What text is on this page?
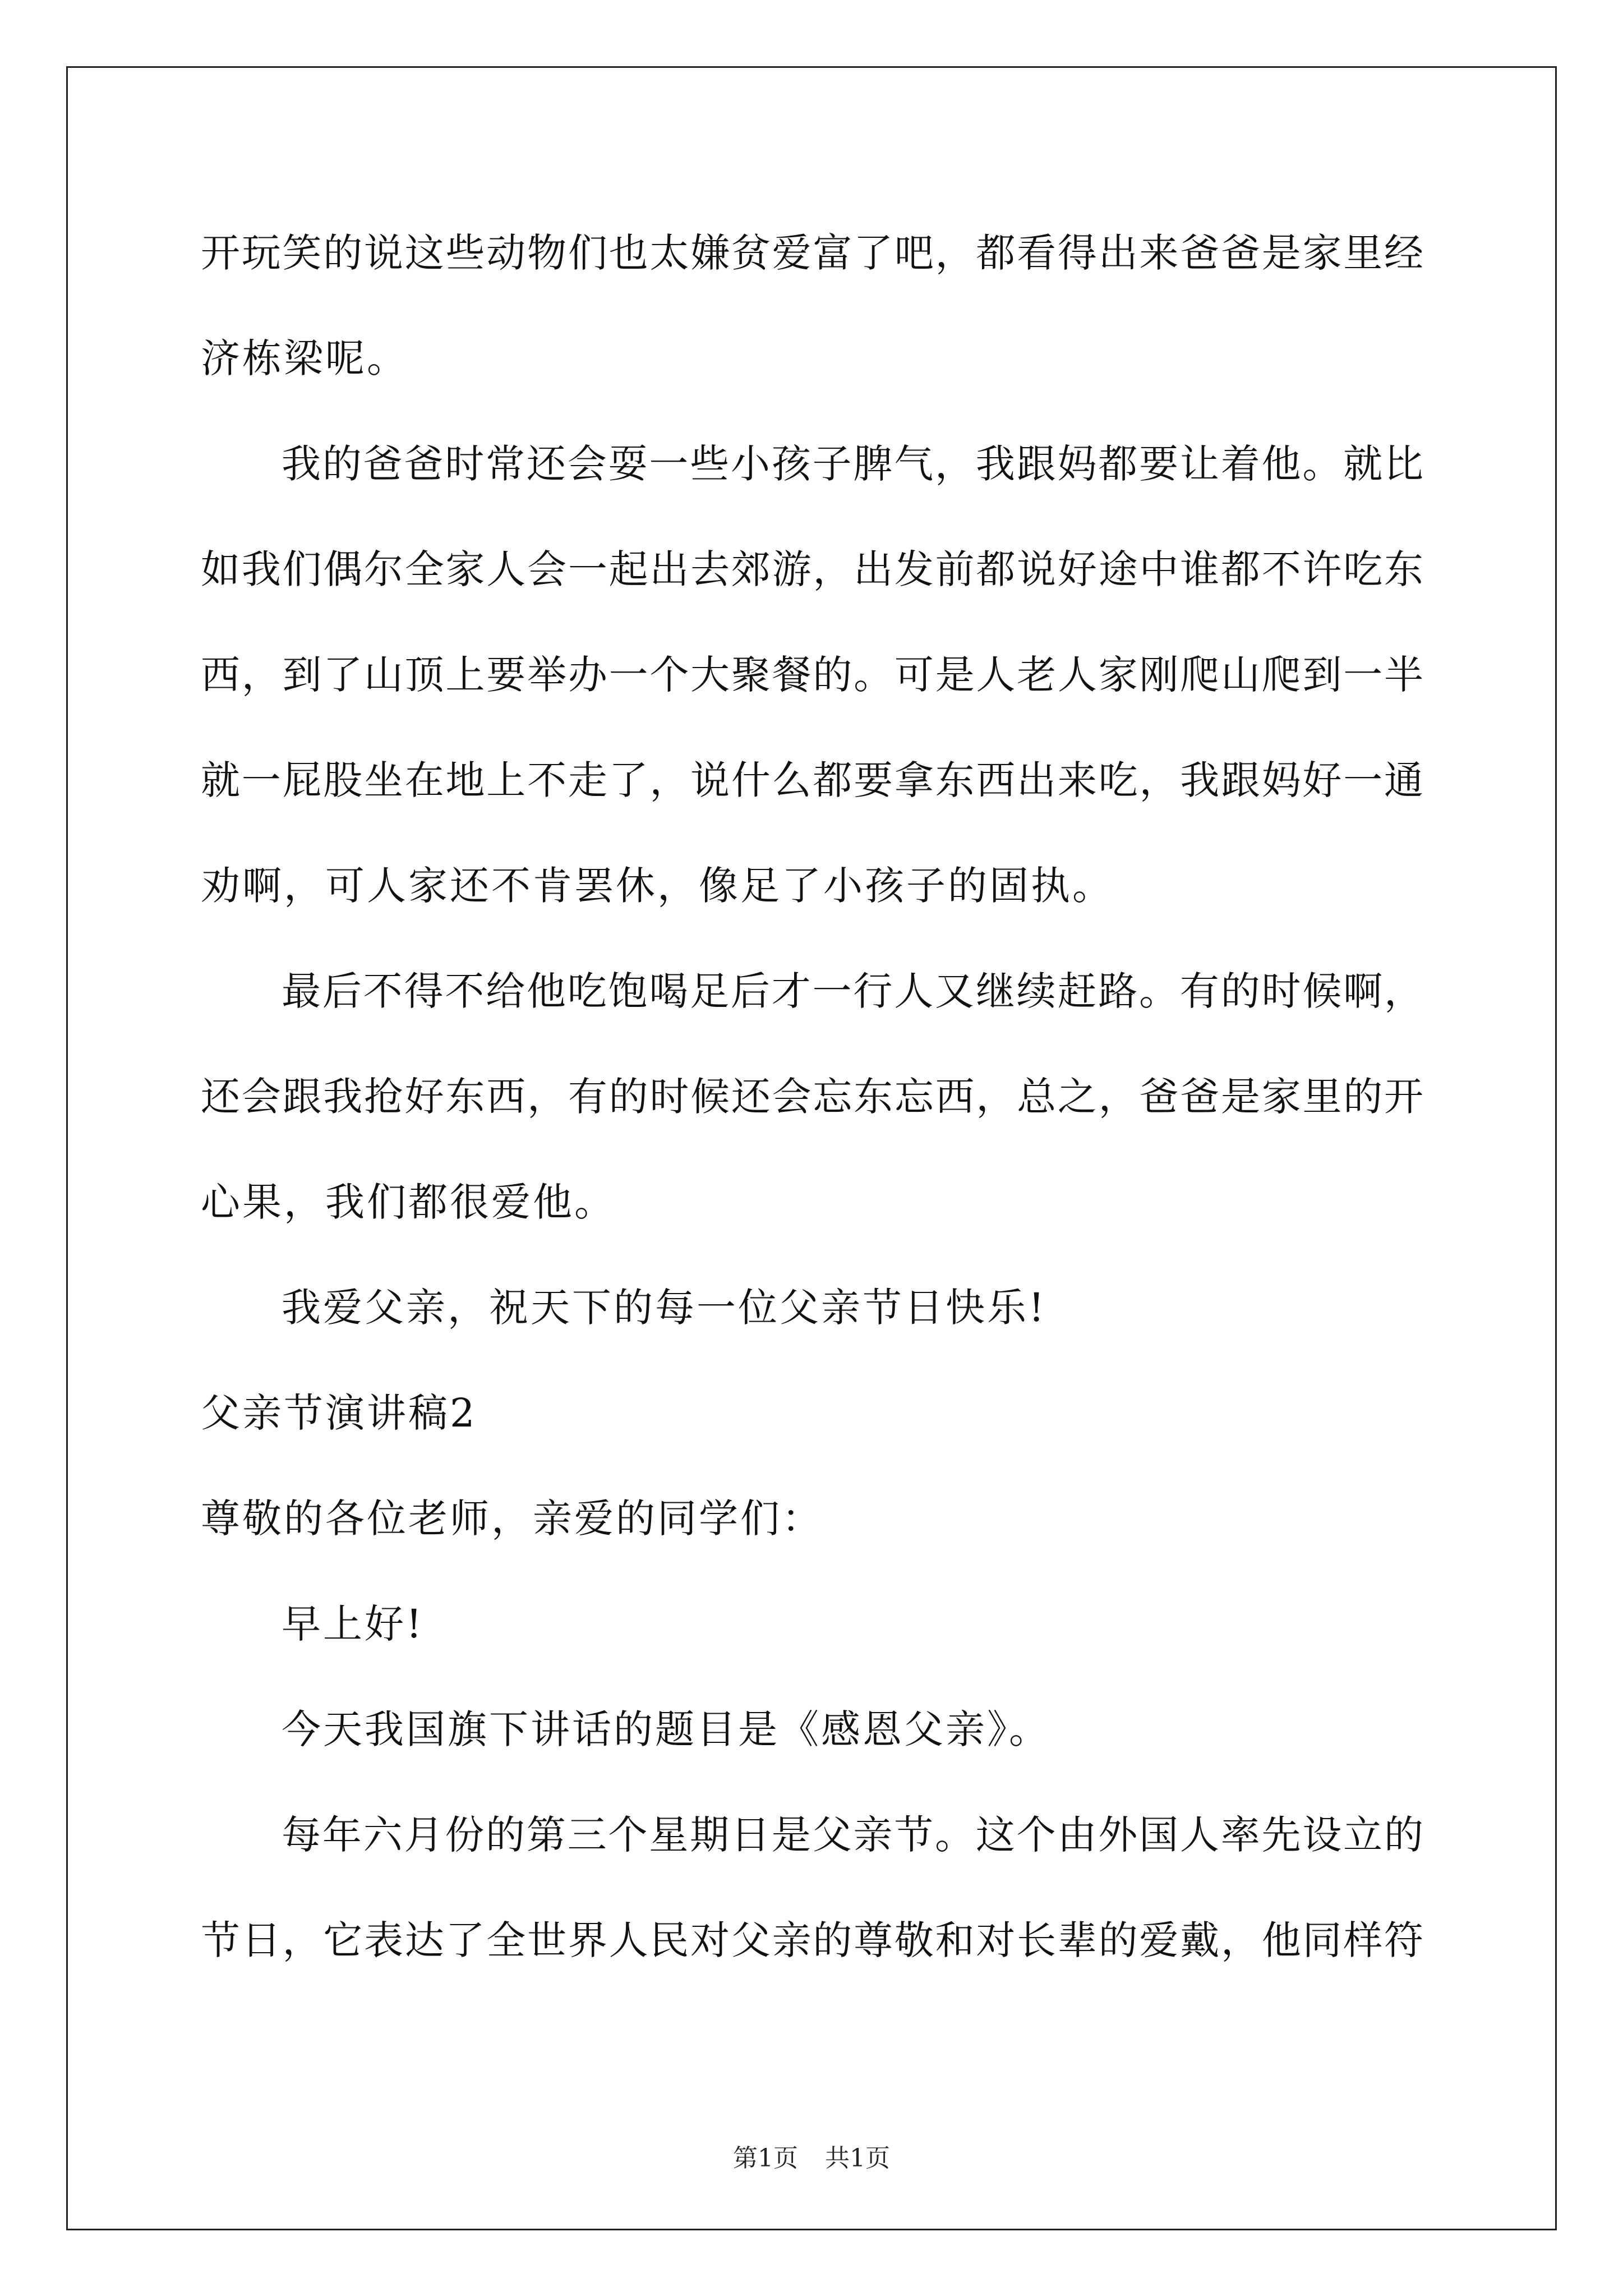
开玩笑的说这些动物们也太嫌贫爱富了吧，都看得出来爸爸是家里经
济栋梁呢。
我的爸爸时常还会耍一些小孩子脾气，我跟妈都要让着他。就比
如我们偶尔全家人会一起出去郊游，出发前都说好途中谁都不许吃东
西，到了山顶上要举办一个大聚餐的。可是人老人家刚爬山爬到一半
就一屁股坐在地上不走了，说什么都要拿东西出来吃，我跟妈好一通
劝啊，可人家还不肯罢休，像足了小孩子的固执。
最后不得不给他吃饱喝足后才一行人又继续赶路。有的时候啊，
还会跟我抢好东西，有的时候还会忘东忘西，总之，爸爸是家里的开
心果，我们都很爱他。
我爱父亲，祝天下的每一位父亲节日快乐!
父亲节演讲稿2
尊敬的各位老师，亲爱的同学们：
早上好!
今天我国旗下讲话的题目是《感恩父亲》。
每年六月份的第三个星期日是父亲节。这个由外国人率先设立的
节日，它表达了全世界人民对父亲的尊敬和对长辈的爱戴，他同样符
第1页 共1页
